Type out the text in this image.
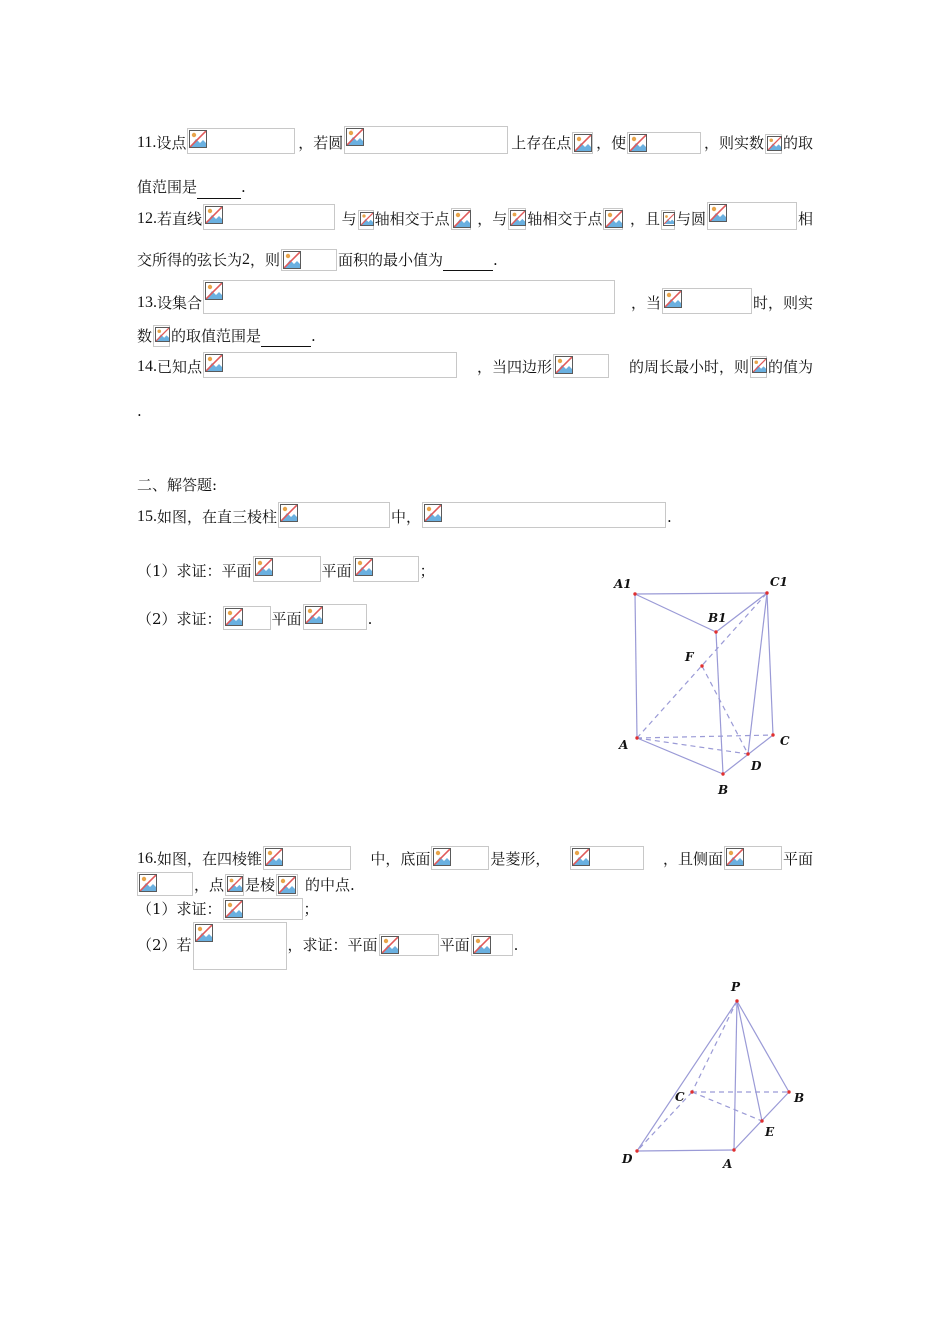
11. 设点	，若圆	上存在点 ，使	，则实数 的取
值范围是	.
12. 若直线	与 轴相交于点 ，与 轴相交于点 ，且 与圆	相
交所得的弦长为 2 ，则	面积的最小值为
	.
13. 设集合	，当	时，则实
数 的取值范围是
	.
14. 已知点	，当四边形	的周长最小时，则 的值为
.
二、解答题:
15. 如图，在直三棱柱	中，	.
（1）求证：平面	平面	；
（2）求证：	平面	.
A1	C1
B1
F
A	C
D
B
16. 如图，在四棱锥	中，底面	是菱形，	，且侧面	平面
，点 是棱 的中点.
（1）求证：	；
（2）若	，求证：平面	平面	.
P
B
C
E
D	A
